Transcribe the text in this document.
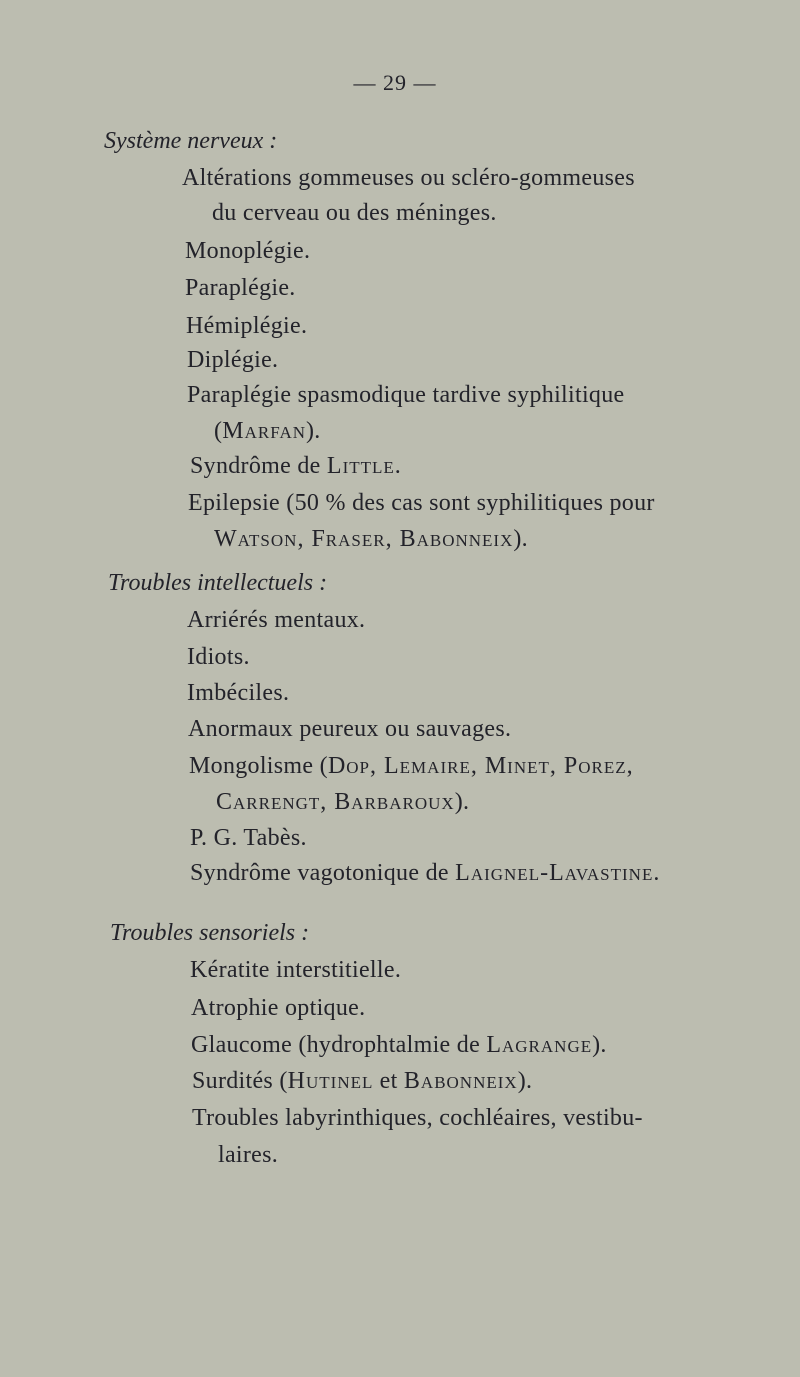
— 29 —
Système nerveux :
Altérations gommeuses ou scléro-gommeuses
du cerveau ou des méninges.
Monoplégie.
Paraplégie.
Hémiplégie.
Diplégie.
Paraplégie spasmodique tardive syphilitique
(Marfan).
Syndrôme de Little.
Epilepsie (50 % des cas sont syphilitiques pour
Watson, Fraser, Babonneix).
Troubles intellectuels :
Arriérés mentaux.
Idiots.
Imbéciles.
Anormaux peureux ou sauvages.
Mongolisme (Dop, Lemaire, Minet, Porez,
Carrengt, Barbaroux).
P. G. Tabès.
Syndrôme vagotonique de Laignel-Lavastine.
Troubles sensoriels :
Kératite interstitielle.
Atrophie optique.
Glaucome (hydrophtalmie de Lagrange).
Surdités (Hutinel et Babonneix).
Troubles labyrinthiques, cochléaires, vestibu-
laires.
